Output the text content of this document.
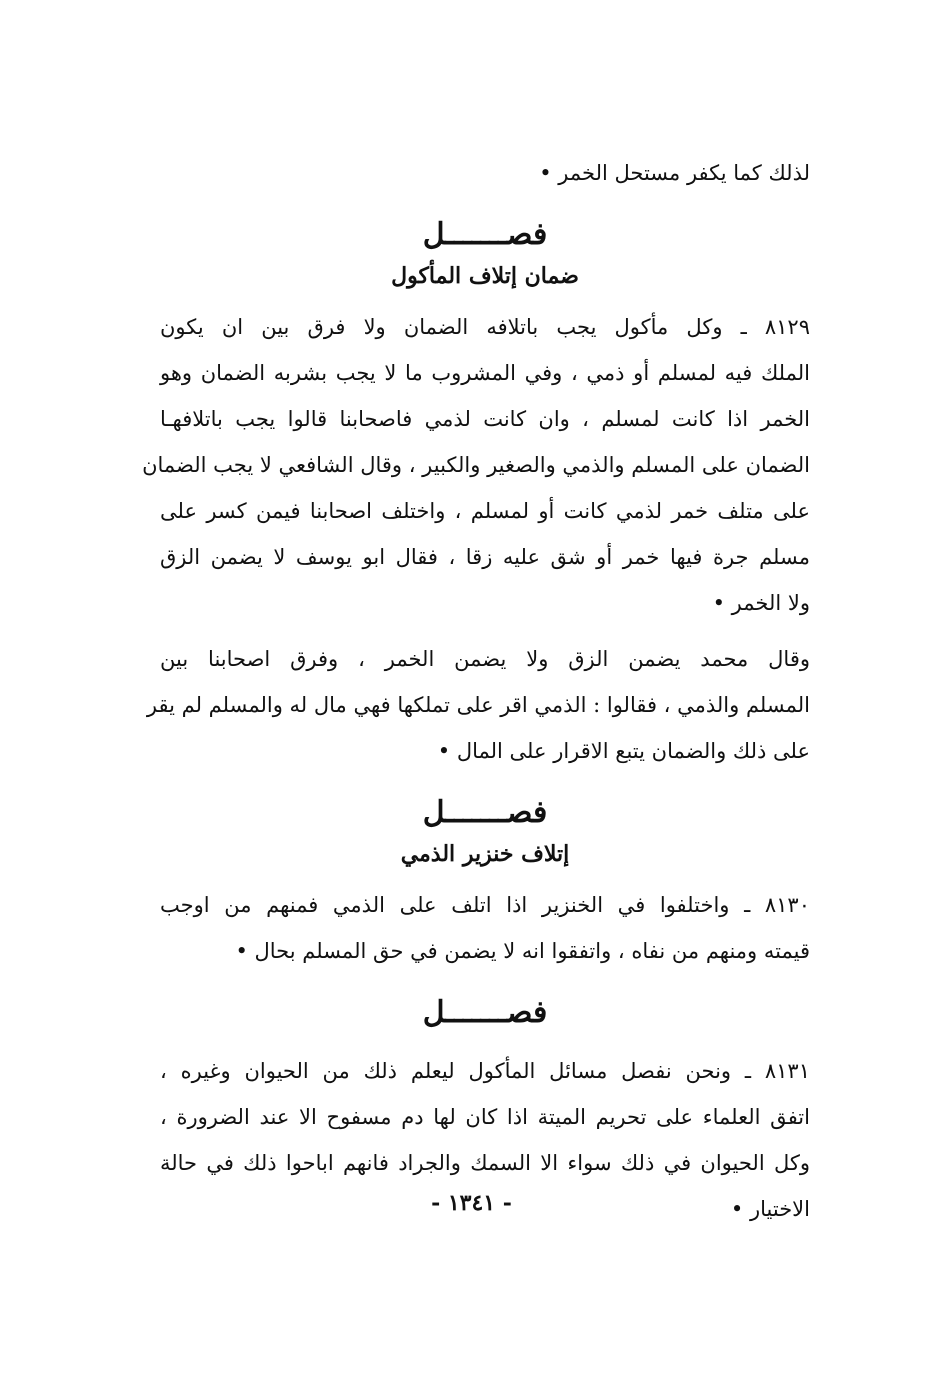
لذلك كما يكفر مستحل الخمر •
فصـــــــل
ضمان إتلاف المأكول
٨١٢٩ ـ وكل مأكول يجب باتلافه الضمان ولا فرق بين ان يكون
الملك فيه لمسلم أو ذمي ، وفي المشروب ما لا يجب بشربه الضمان وهو
الخمر اذا كانت لمسلم ، وان كانت لذمي فاصحابنا قالوا يجب باتلافهـا
الضمان على المسلم والذمي والصغير والكبير ، وقال الشافعي لا يجب الضمان
على متلف خمر لذمي كانت أو لمسلم ، واختلف اصحابنا فيمن كسر على
مسلم جرة فيها خمر أو شق عليه زقا ، فقال ابو يوسف لا يضمن الزق
ولا الخمر •
وقال محمد يضمن الزق ولا يضمن الخمر ، وفرق اصحابنا بين
المسلم والذمي ، فقالوا : الذمي اقر على تملكها فهي مال له والمسلم لم يقر
على ذلك والضمان يتبع الاقرار على المال •
فصـــــــل
إتلاف خنزير الذمي
٨١٣٠ ـ واختلفوا في الخنزير اذا اتلف على الذمي فمنهم من اوجب
قيمته ومنهم من نفاه ، واتفقوا انه لا يضمن في حق المسلم بحال •
فصـــــــل
٨١٣١ ـ ونحن نفصل مسائل المأكول ليعلم ذلك من الحيوان وغيره ،
اتفق العلماء على تحريم الميتة اذا كان لها دم مسفوح الا عند الضرورة ،
وكل الحيوان في ذلك سواء الا السمك والجراد فانهم اباحوا ذلك في حالة
الاختيار •
- ١٣٤١ -
